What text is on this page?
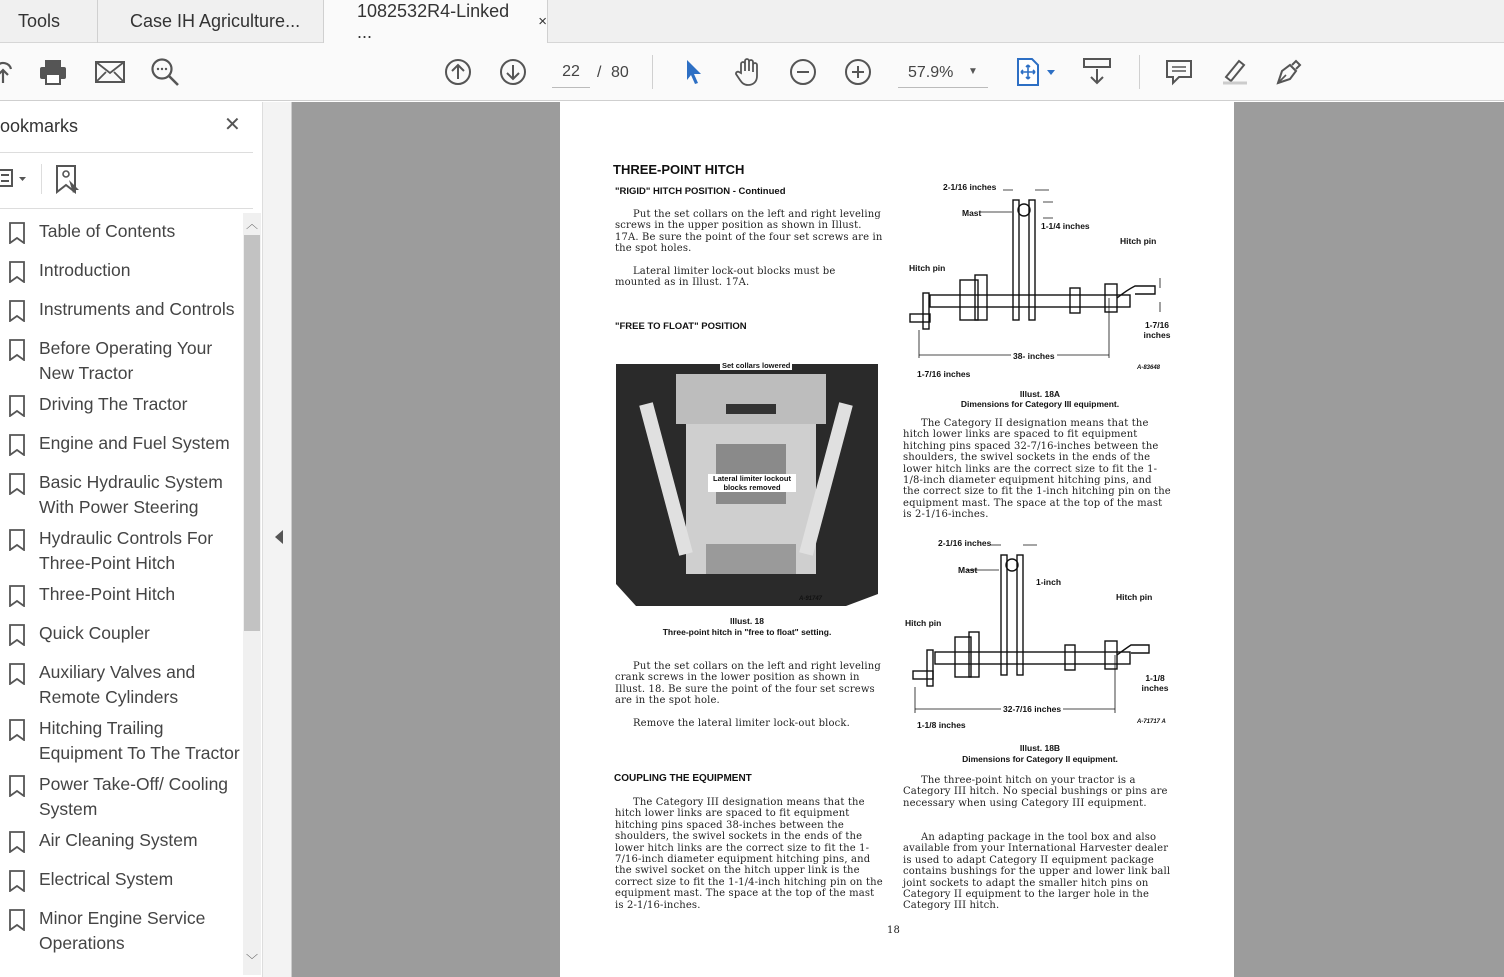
Tools	Case IH Agriculture...
1082532R4-Linked ...	×
22	/ 80	57.9% ▼
ookmarks	✕
Table of Contents
Introduction
Instruments and Controls
Before Operating Your New Tractor
Driving The Tractor
Engine and Fuel System
Basic Hydraulic System With Power Steering
Hydraulic Controls For Three-Point Hitch
Three-Point Hitch
Quick Coupler
Auxiliary Valves and Remote Cylinders
Hitching Trailing Equipment To The Tractor
Power Take-Off/ Cooling System
Air Cleaning System
Electrical System
Minor Engine Service Operations
︿
﹀
THREE-POINT HITCH
"RIGID" HITCH POSITION - Continued
Put the set collars on the left and right leveling screws in the upper position as shown in Illust. 17A. Be sure the point of the four set screws are in the spot holes.
Lateral limiter lock-out blocks must be mounted as in Illust. 17A.
"FREE TO FLOAT" POSITION
Set collars lowered
Lateral limiter lockout blocks removed
A-91747
Illust. 18
Three-point hitch in "free to float" setting.
Put the set collars on the left and right leveling crank screws in the lower position as shown in Illust. 18. Be sure the point of the four set screws are in the spot hole.
Remove the lateral limiter lock-out block.
COUPLING THE EQUIPMENT
The Category III designation means that the hitch lower links are spaced to fit equipment hitching pins spaced 38-inches between the shoulders, the swivel sockets in the ends of the lower hitch links are the correct size to fit the 1-7/16-inch diameter equipment hitching pins, and the swivel socket on the hitch upper link is the correct size to fit the 1-1/4-inch hitching pin on the equipment mast. The space at the top of the mast is 2-1/16-inches.
2-1/16 inches
Mast
1-1/4 inches
Hitch pin
Hitch pin
1-7/16 inches
38- inches
1-7/16 inches
A-83648
Illust. 18A
Dimensions for Category III equipment.
The Category II designation means that the hitch lower links are spaced to fit equipment hitching pins spaced 32-7/16-inches between the shoulders, the swivel sockets in the ends of the lower hitch links are the correct size to fit the 1-1/8-inch diameter equipment hitching pins, and the correct size to fit the 1-inch hitching pin on the equipment mast. The space at the top of the mast is 2-1/16-inches.
2-1/16 inches
Mast
1-inch
Hitch pin
Hitch pin
1-1/8 inches
32-7/16 inches
1-1/8 inches	A-71717 A
Illust. 18B
Dimensions for Category II equipment.
The three-point hitch on your tractor is a Category III hitch. No special bushings or pins are necessary when using Category III equipment.
An adapting package in the tool box and also available from your International Harvester dealer is used to adapt Category II equipment package contains bushings for the upper and lower link ball joint sockets to adapt the smaller hitch pins on Category II equipment to the larger hole in the Category III hitch.
18
